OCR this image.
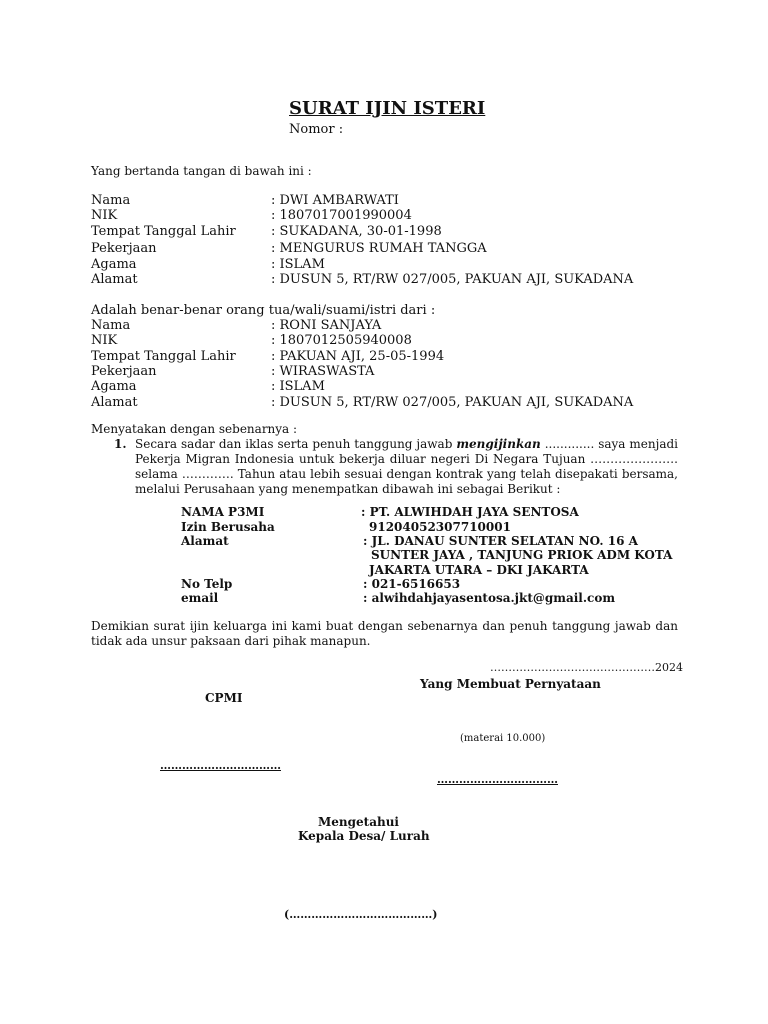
SURAT IJIN ISTERI
Nomor :
Yang bertanda tangan di bawah ini :
Nama	: DWI AMBARWATI
NIK	: 1807017001990004
Tempat Tanggal Lahir	: SUKADANA, 30-01-1998
Pekerjaan	: MENGURUS RUMAH TANGGA
Agama	: ISLAM
Alamat	: DUSUN 5, RT/RW 027/005, PAKUAN AJI, SUKADANA
Adalah benar-benar orang tua/wali/suami/istri dari :
Nama	: RONI SANJAYA
NIK	: 1807012505940008
Tempat Tanggal Lahir	: PAKUAN AJI, 25-05-1994
Pekerjaan	: WIRASWASTA
Agama	: ISLAM
Alamat	: DUSUN 5, RT/RW 027/005, PAKUAN AJI, SUKADANA
Menyatakan dengan sebenarnya :
1. Secara sadar dan iklas serta penuh tanggung jawab mengijinkan ............. saya menjadi Pekerja Migran Indonesia untuk bekerja diluar negeri Di Negara Tujuan …………………. selama …………. Tahun atau lebih sesuai dengan kontrak yang telah disepakati bersama, melalui Perusahaan yang menempatkan dibawah ini sebagai Berikut :
NAMA P3MI	: PT. ALWIHDAH JAYA SENTOSA
Izin Berusaha	91204052307710001
Alamat	: JL. DANAU SUNTER SELATAN NO. 16 A
SUNTER JAYA , TANJUNG PRIOK ADM KOTA
JAKARTA UTARA – DKI JAKARTA
No Telp	: 021-6516653
email	: alwihdahjayasentosa.jkt@gmail.com
Demikian surat ijin keluarga ini kami buat dengan sebenarnya dan penuh tanggung jawab dan tidak ada unsur paksaan dari pihak manapun.
………………………………………2024
Yang Membuat Pernyataan
CPMI
(materai 10.000)
……………………………
……………………………
Mengetahui
Kepala Desa/ Lurah
(…………………………………)
